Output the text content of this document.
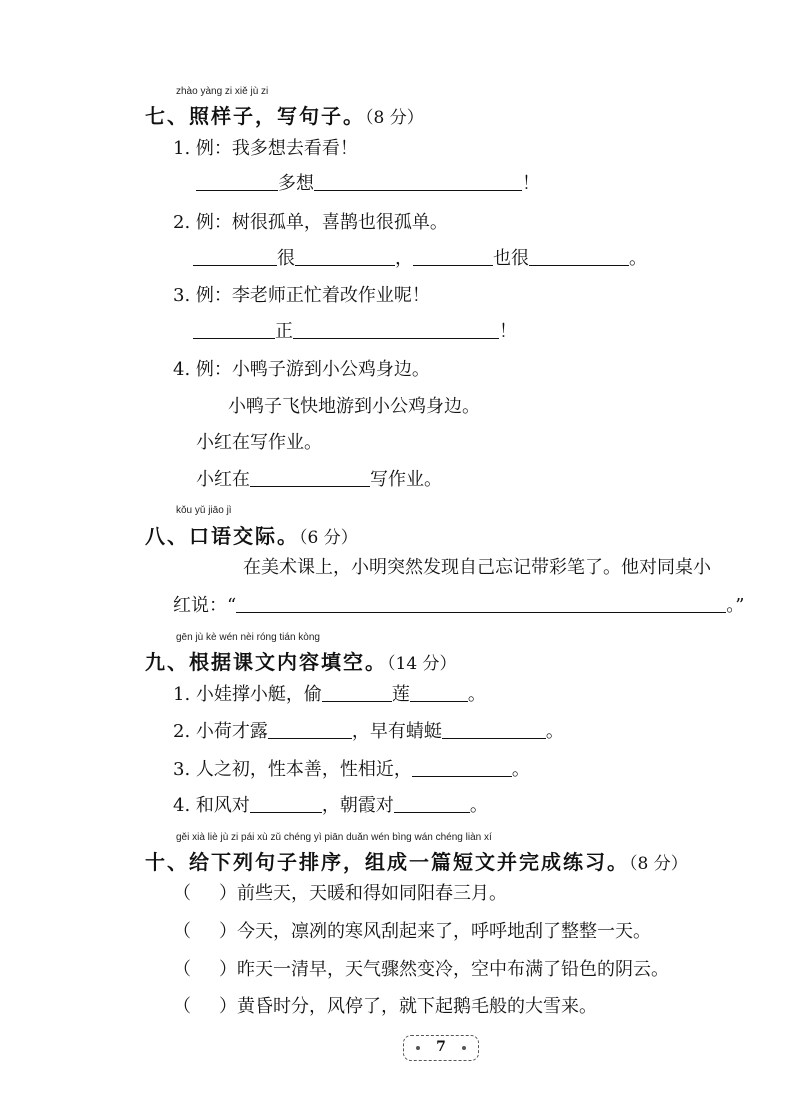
zhào yàng zi xiě jù zi
七、照样子，写句子。（8 分）
1. 例：我多想去看看！
多想	！
2. 例：树很孤单，喜鹊也很孤单。
很	，	也很	。
3. 例：李老师正忙着改作业呢！
正	！
4. 例：小鸭子游到小公鸡身边。
小鸭子飞快地游到小公鸡身边。
小红在写作业。
小红在	写作业。
kǒu yǔ jiāo jì
八、口语交际。（6 分）
在美术课上，小明突然发现自己忘记带彩笔了。他对同桌小
红说：“	。”
gēn jù kè wén nèi róng tián kòng
九、根据课文内容填空。（14 分）
1. 小娃撑小艇，偷	莲	。
2. 小荷才露	，早有蜻蜓	。
3. 人之初，性本善，性相近，	。
4. 和风对	，朝霞对	。
gěi xià liè jù zi pái xù zǔ chéng yì piān duǎn wén bìng wán chéng liàn xí
十、给下列句子排序，组成一篇短文并完成练习。（8 分）
（ ）前些天，天暖和得如同阳春三月。
（ ）今天，凛冽的寒风刮起来了，呼呼地刮了整整一天。
（ ）昨天一清早，天气骤然变冷，空中布满了铅色的阴云。
（ ）黄昏时分，风停了，就下起鹅毛般的大雪来。
7
